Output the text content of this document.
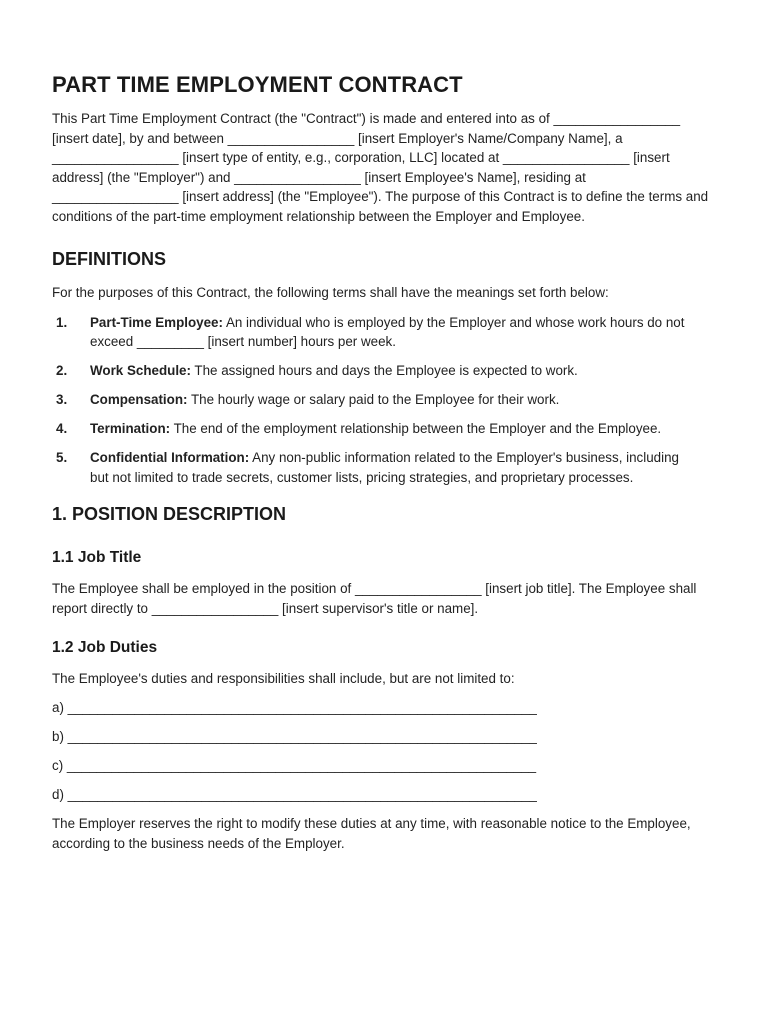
PART TIME EMPLOYMENT CONTRACT

This Part Time Employment Contract (the "Contract") is made and entered into as of _________________ [insert date], by and between _________________ [insert Employer's Name/Company Name], a _________________ [insert type of entity, e.g., corporation, LLC] located at _________________ [insert address] (the "Employer") and _________________ [insert Employee's Name], residing at _________________ [insert address] (the "Employee"). The purpose of this Contract is to define the terms and conditions of the part-time employment relationship between the Employer and Employee.

DEFINITIONS

For the purposes of this Contract, the following terms shall have the meanings set forth below:

1.	Part-Time Employee: An individual who is employed by the Employer and whose work hours do not exceed _________ [insert number] hours per week.
2.	Work Schedule: The assigned hours and days the Employee is expected to work.
3.	Compensation: The hourly wage or salary paid to the Employee for their work.
4.	Termination: The end of the employment relationship between the Employer and the Employee.
5.	Confidential Information: Any non-public information related to the Employer's business, including but not limited to trade secrets, customer lists, pricing strategies, and proprietary processes.
1. POSITION DESCRIPTION
1.1 Job Title

The Employee shall be employed in the position of _________________ [insert job title]. The Employee shall report directly to _________________ [insert supervisor's title or name].

1.2 Job Duties

The Employee's duties and responsibilities shall include, but are not limited to:

a) _______________________________________________________________

b) _______________________________________________________________

c) _______________________________________________________________

d) _______________________________________________________________

The Employer reserves the right to modify these duties at any time, with reasonable notice to the Employee, according to the business needs of the Employer.
